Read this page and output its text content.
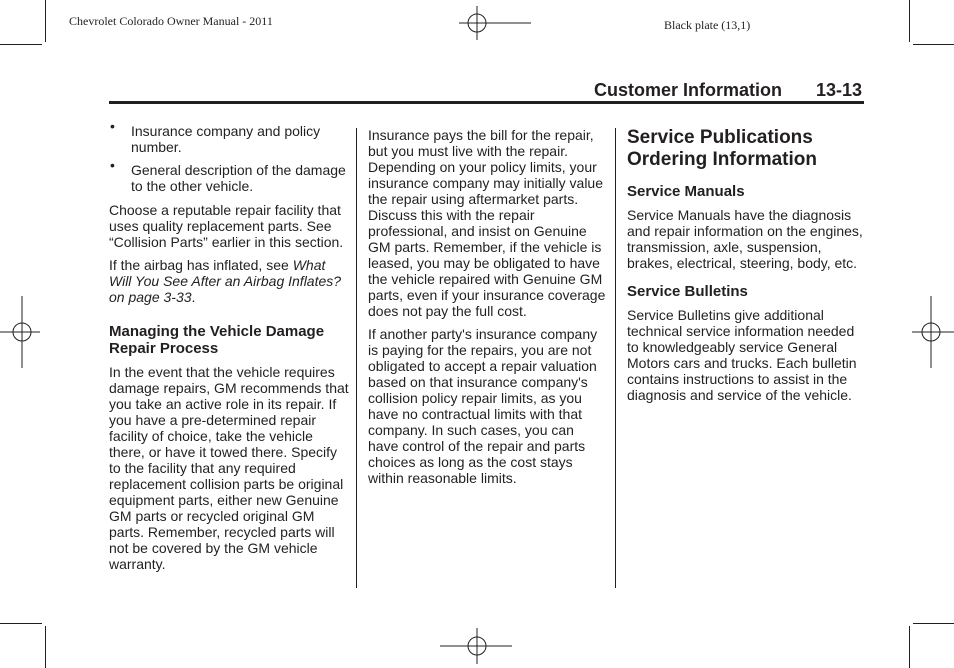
Chevrolet Colorado Owner Manual - 2011	Black plate (13,1)
Customer Information 13-13
• Insurance company and policy number.
• General description of the damage to the other vehicle.

Choose a reputable repair facility that uses quality replacement parts. See “Collision Parts” earlier in this section.

If the airbag has inflated, see What Will You See After an Airbag Inflates? on page 3-33.

Managing the Vehicle Damage Repair Process

In the event that the vehicle requires damage repairs, GM recommends that you take an active role in its repair. If you have a pre-determined repair facility of choice, take the vehicle there, or have it towed there. Specify to the facility that any required replacement collision parts be original equipment parts, either new Genuine GM parts or recycled original GM parts. Remember, recycled parts will not be covered by the GM vehicle warranty.

Insurance pays the bill for the repair, but you must live with the repair. Depending on your policy limits, your insurance company may initially value the repair using aftermarket parts. Discuss this with the repair professional, and insist on Genuine GM parts. Remember, if the vehicle is leased, you may be obligated to have the vehicle repaired with Genuine GM parts, even if your insurance coverage does not pay the full cost.

If another party's insurance company is paying for the repairs, you are not obligated to accept a repair valuation based on that insurance company's collision policy repair limits, as you have no contractual limits with that company. In such cases, you can have control of the repair and parts choices as long as the cost stays within reasonable limits.

Service Publications Ordering Information
Service Manuals

Service Manuals have the diagnosis and repair information on the engines, transmission, axle, suspension, brakes, electrical, steering, body, etc.

Service Bulletins

Service Bulletins give additional technical service information needed to knowledgeably service General Motors cars and trucks. Each bulletin contains instructions to assist in the diagnosis and service of the vehicle.
